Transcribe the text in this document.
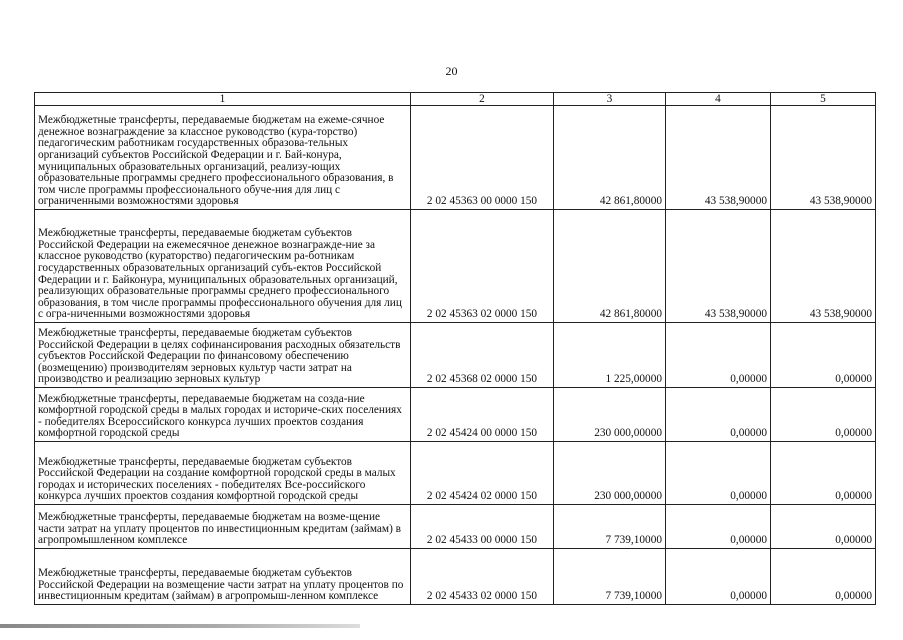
20
1	2	3	4	5
Межбюджетные трансферты, передаваемые бюджетам на ежеме-сячное денежное вознаграждение за классное руководство (кура-торство) педагогическим работникам государственных образова-тельных организаций субъектов Российской Федерации и г. Бай-конура, муниципальных образовательных организаций, реализу-ющих образовательные программы среднего профессионального образования, в том числе программы профессионального обуче-ния для лиц с ограниченными возможностями здоровья	2 02 45363 00 0000 150	42 861,80000	43 538,90000	43 538,90000
Межбюджетные трансферты, передаваемые бюджетам субъектов Российской Федерации на ежемесячное денежное вознагражде-ние за классное руководство (кураторство) педагогическим ра-ботникам государственных образовательных организаций субъ-ектов Российской Федерации и г. Байконура, муниципальных образовательных организаций, реализующих образовательные программы среднего профессионального образования, в том числе программы профессионального обучения для лиц с огра-ниченными возможностями здоровья	2 02 45363 02 0000 150	42 861,80000	43 538,90000	43 538,90000
Межбюджетные трансферты, передаваемые бюджетам субъектов Российской Федерации в целях софинансирования расходных обязательств субъектов Российской Федерации по финансовому обеспечению (возмещению) производителям зерновых культур части затрат на производство и реализацию зерновых культур	2 02 45368 02 0000 150	1 225,00000	0,00000	0,00000
Межбюджетные трансферты, передаваемые бюджетам на созда-ние комфортной городской среды в малых городах и историче-ских поселениях - победителях Всероссийского конкурса лучших проектов создания комфортной городской среды	2 02 45424 00 0000 150	230 000,00000	0,00000	0,00000
Межбюджетные трансферты, передаваемые бюджетам субъектов Российской Федерации на создание комфортной городской среды в малых городах и исторических поселениях - победителях Все-российского конкурса лучших проектов создания комфортной городской среды	2 02 45424 02 0000 150	230 000,00000	0,00000	0,00000
Межбюджетные трансферты, передаваемые бюджетам на возме-щение части затрат на уплату процентов по инвестиционным кредитам (займам) в агропромышленном комплексе	2 02 45433 00 0000 150	7 739,10000	0,00000	0,00000
Межбюджетные трансферты, передаваемые бюджетам субъектов Российской Федерации на возмещение части затрат на уплату процентов по инвестиционным кредитам (займам) в агропромыш-ленном комплексе	2 02 45433 02 0000 150	7 739,10000	0,00000	0,00000
